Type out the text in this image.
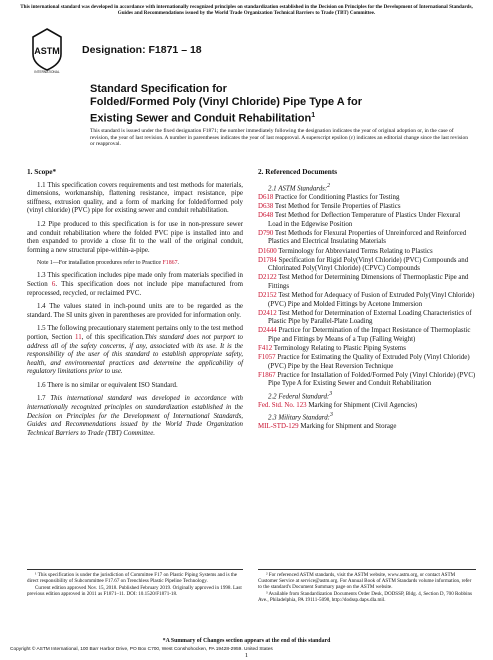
This international standard was developed in accordance with internationally recognized principles on standardization established in the Decision on Principles for the Development of International Standards, Guides and Recommendations issued by the World Trade Organization Technical Barriers to Trade (TBT) Committee.
ASTM
INTERNATIONAL
Designation: F1871 – 18
Standard Specification for
Folded/Formed Poly (Vinyl Chloride) Pipe Type A for
Existing Sewer and Conduit Rehabilitation$^1$
This standard is issued under the fixed designation F1871; the number immediately following the designation indicates the year of original adoption or, in the case of revision, the year of last revision. A number in parentheses indicates the year of last reapproval. A superscript epsilon (ε) indicates an editorial change since the last revision or reapproval.
1. Scope*

1.1 This specification covers requirements and test methods for materials, dimensions, workmanship, flattening resistance, impact resistance, pipe stiffness, extrusion quality, and a form of marking for folded/formed poly (vinyl chloride) (PVC) pipe for existing sewer and conduit rehabilitation.

1.2 Pipe produced to this specification is for use in non-pressure sewer and conduit rehabilitation where the folded PVC pipe is installed into and then expanded to provide a close fit to the wall of the original conduit, forming a new structural pipe-within-a-pipe.

Note 1—For installation procedures refer to Practice F1867.

1.3 This specification includes pipe made only from materials specified in Section 6. This specification does not include pipe manufactured from reprocessed, recycled, or reclaimed PVC.

1.4 The values stated in inch-pound units are to be regarded as the standard. The SI units given in parentheses are provided for information only.

1.5 The following precautionary statement pertains only to the test method portion, Section 11, of this specification.This standard does not purport to address all of the safety concerns, if any, associated with its use. It is the responsibility of the user of this standard to establish appropriate safety, health, and environmental practices and determine the applicability of regulatory limitations prior to use.

1.6 There is no similar or equivalent ISO Standard.

1.7 This international standard was developed in accordance with internationally recognized principles on standardization established in the Decision on Principles for the Development of International Standards, Guides and Recommendations issued by the World Trade Organization Technical Barriers to Trade (TBT) Committee.

2. Referenced Documents
2.1 ASTM Standards:$^2$
D618 Practice for Conditioning Plastics for Testing
D638 Test Method for Tensile Properties of Plastics
D648 Test Method for Deflection Temperature of Plastics Under Flexural Load in the Edgewise Position
D790 Test Methods for Flexural Properties of Unreinforced and Reinforced Plastics and Electrical Insulating Materials
D1600 Terminology for Abbreviated Terms Relating to Plastics
D1784 Specification for Rigid Poly(Vinyl Chloride) (PVC) Compounds and Chlorinated Poly(Vinyl Chloride) (CPVC) Compounds
D2122 Test Method for Determining Dimensions of Thermoplastic Pipe and Fittings
D2152 Test Method for Adequacy of Fusion of Extruded Poly(Vinyl Chloride) (PVC) Pipe and Molded Fittings by Acetone Immersion
D2412 Test Method for Determination of External Loading Characteristics of Plastic Pipe by Parallel-Plate Loading
D2444 Practice for Determination of the Impact Resistance of Thermoplastic Pipe and Fittings by Means of a Tup (Falling Weight)
F412 Terminology Relating to Plastic Piping Systems
F1057 Practice for Estimating the Quality of Extruded Poly (Vinyl Chloride) (PVC) Pipe by the Heat Reversion Technique
F1867 Practice for Installation of Folded/Formed Poly (Vinyl Chloride) (PVC) Pipe Type A for Existing Sewer and Conduit Rehabilitation
2.2 Federal Standard:$^3$
Fed. Std. No. 123 Marking for Shipment (Civil Agencies)
2.3 Military Standard:$^3$
MIL-STD-129 Marking for Shipment and Storage
¹ This specification is under the jurisdiction of Committee F17 on Plastic Piping Systems and is the direct responsibility of Subcommittee F17.67 on Trenchless Plastic Pipeline Technology.
Current edition approved Nov. 15, 2018. Published February 2019. Originally approved in 1998. Last previous edition approved in 2011 as F1871–11. DOI: 10.1520/F1871-18.
² For referenced ASTM standards, visit the ASTM website, www.astm.org, or contact ASTM Customer Service at service@astm.org. For Annual Book of ASTM Standards volume information, refer to the standard's Document Summary page on the ASTM website.
³ Available from Standardization Documents Order Desk, DODSSP, Bldg. 4, Section D, 700 Robbins Ave., Philadelphia, PA 19111-5098, http://dodssp.daps.dla.mil.
*A Summary of Changes section appears at the end of this standard
Copyright © ASTM International, 100 Barr Harbor Drive, PO Box C700, West Conshohocken, PA 19428-2959. United States
1
